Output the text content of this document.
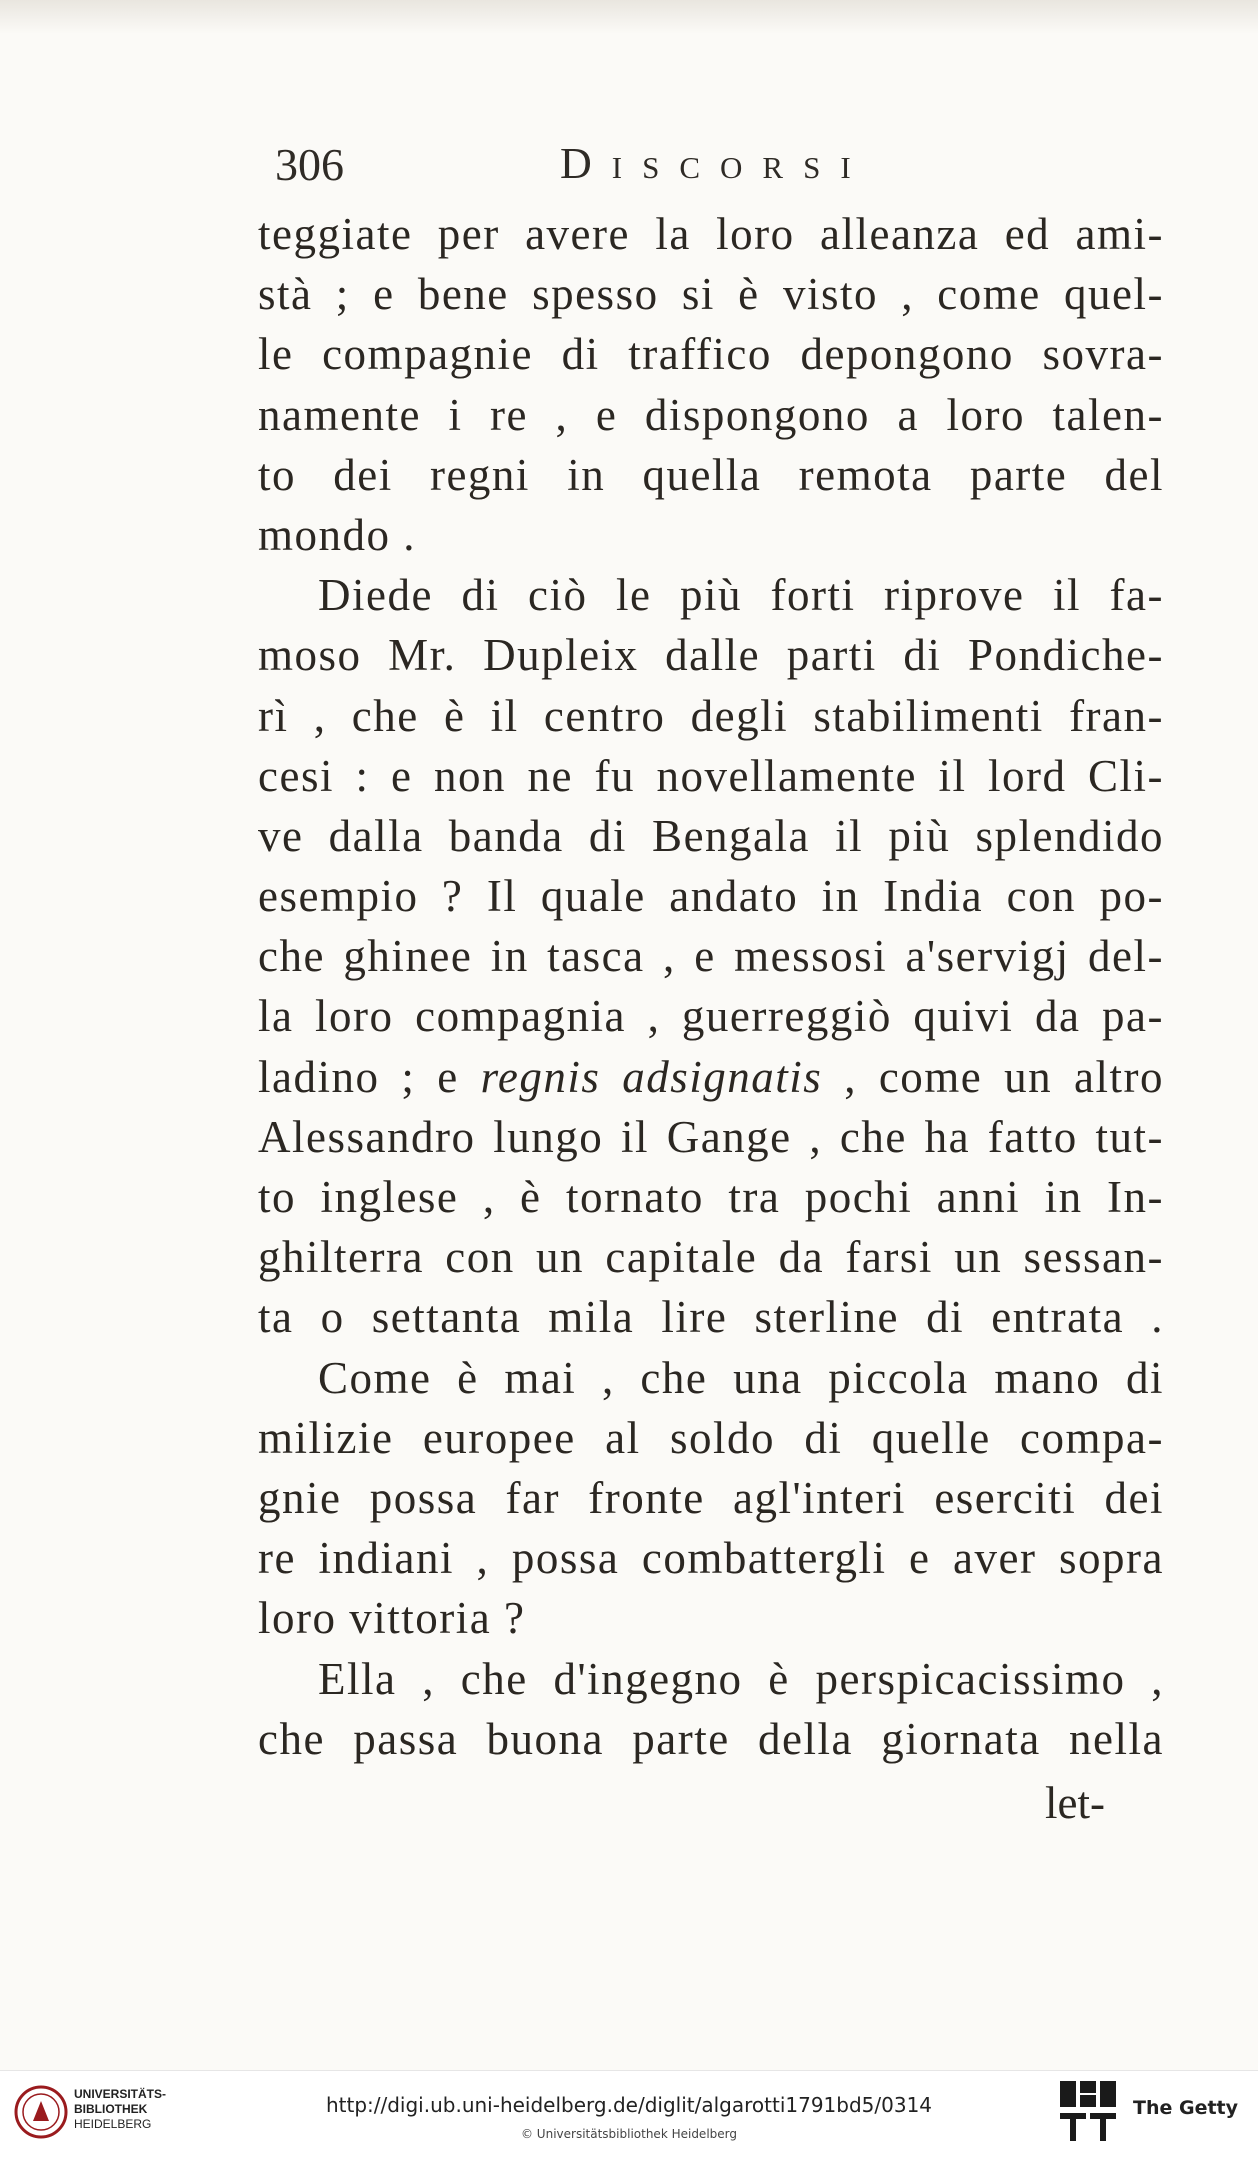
306	Discorsi
teggiate per avere la loro alleanza ed ami-
stà ; e bene spesso si è visto , come quel-
le compagnie di traffico depongono sovra-
namente i re , e dispongono a loro talen-
to dei regni in quella remota parte del
mondo .
Diede di ciò le più forti riprove il fa-
moso Mr. Dupleix dalle parti di Pondiche-
rì , che è il centro degli stabilimenti fran-
cesi : e non ne fu novellamente il lord Cli-
ve dalla banda di Bengala il più splendido
esempio ? Il quale andato in India con po-
che ghinee in tasca , e messosi a'servigj del-
la loro compagnia , guerreggiò quivi da pa-
ladino ; e regnis adsignatis , come un altro
Alessandro lungo il Gange , che ha fatto tut-
to inglese , è tornato tra pochi anni in In-
ghilterra con un capitale da farsi un sessan-
ta o settanta mila lire sterline di entrata .
Come è mai , che una piccola mano di
milizie europee al soldo di quelle compa-
gnie possa far fronte agl'interi eserciti dei
re indiani , possa combattergli e aver sopra
loro vittoria ?
Ella , che d'ingegno è perspicacissimo ,
che passa buona parte della giornata nella
let-
UNIVERSITÄTS-
BIBLIOTHEK
HEIDELBERG
http://digi.ub.uni-heidelberg.de/diglit/algarotti1791bd5/0314
© Universitätsbibliothek Heidelberg
The Getty
